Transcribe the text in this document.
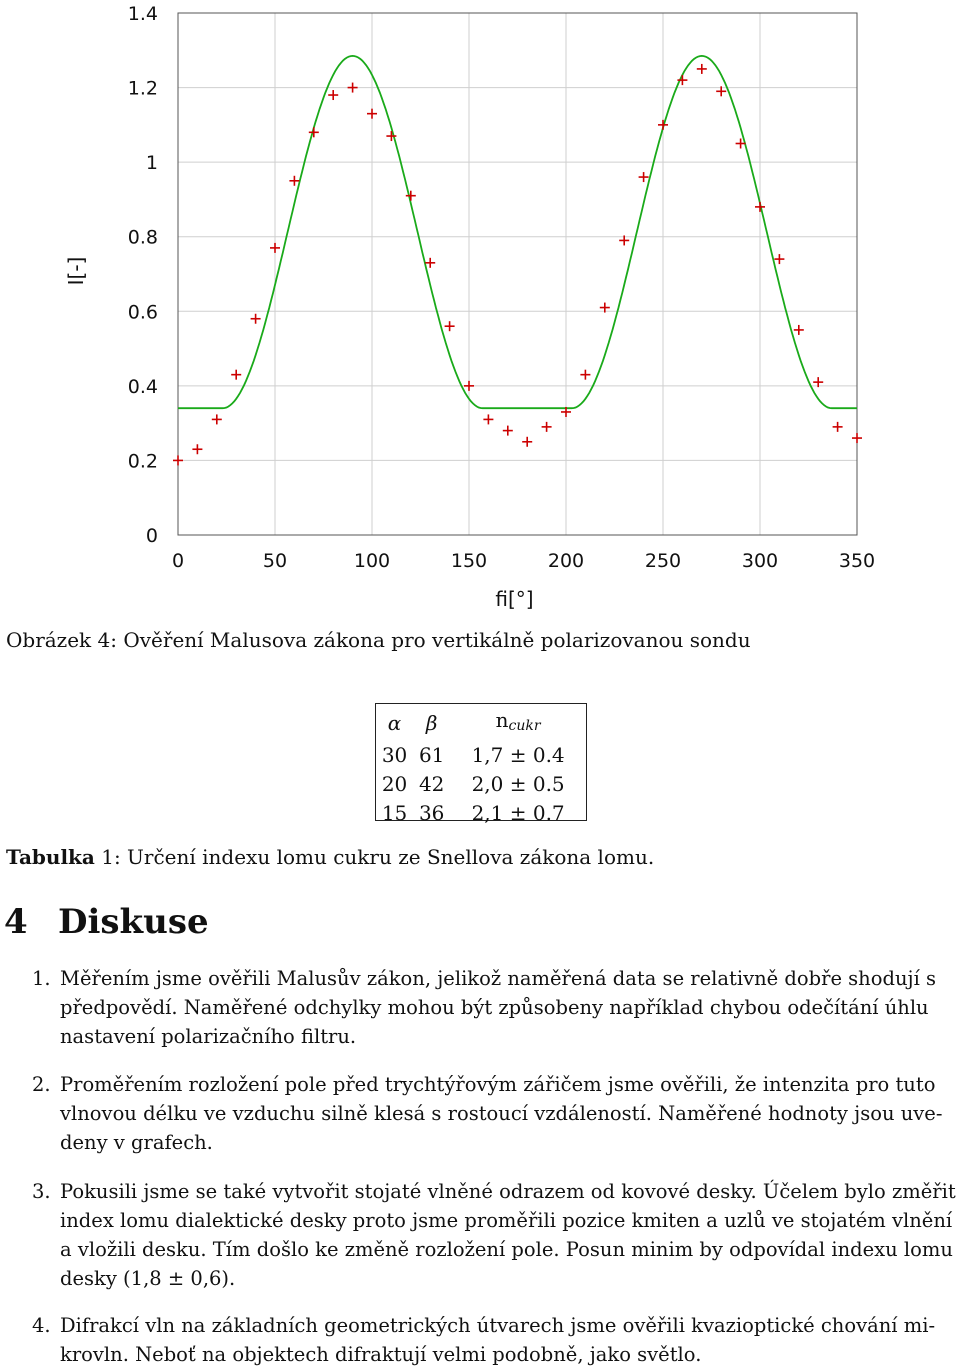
0	50	100	150	200	250	300	350
0
0.2
0.4
0.6
0.8
1
1.2
1.4
fi[°]
I[-]
Obrázek 4: Ověření Malusova zákona pro vertikálně polarizovanou sondu
α	β	$n_{cukr}$
30	61	1,7 ± 0.4
20	42	2,0 ± 0.5
15	36	2,1 ± 0.7
Tabulka 1: Určení indexu lomu cukru ze Snellova zákona lomu.
4 Diskuse
1. Měřením jsme ověřili Malusův zákon, jelikož naměřená data se relativně dobře shodují s
předpovědí. Naměřené odchylky mohou být způsobeny například chybou odečítání úhlu
nastavení polarizačního filtru.
2. Proměřením rozložení pole před trychtýřovým zářičem jsme ověřili, že intenzita pro tuto
vlnovou délku ve vzduchu silně klesá s rostoucí vzdáleností. Naměřené hodnoty jsou uve-
deny v grafech.
3. Pokusili jsme se také vytvořit stojaté vlněné odrazem od kovové desky. Účelem bylo změřit
index lomu dialektické desky proto jsme proměřili pozice kmiten a uzlů ve stojatém vlnění
a vložili desku. Tím došlo ke změně rozložení pole. Posun minim by odpovídal indexu lomu
desky (1,8 ± 0,6).
4. Difrakcí vln na základních geometrických útvarech jsme ověřili kvazioptické chování mi-
krovln. Neboť na objektech difraktují velmi podobně, jako světlo.
